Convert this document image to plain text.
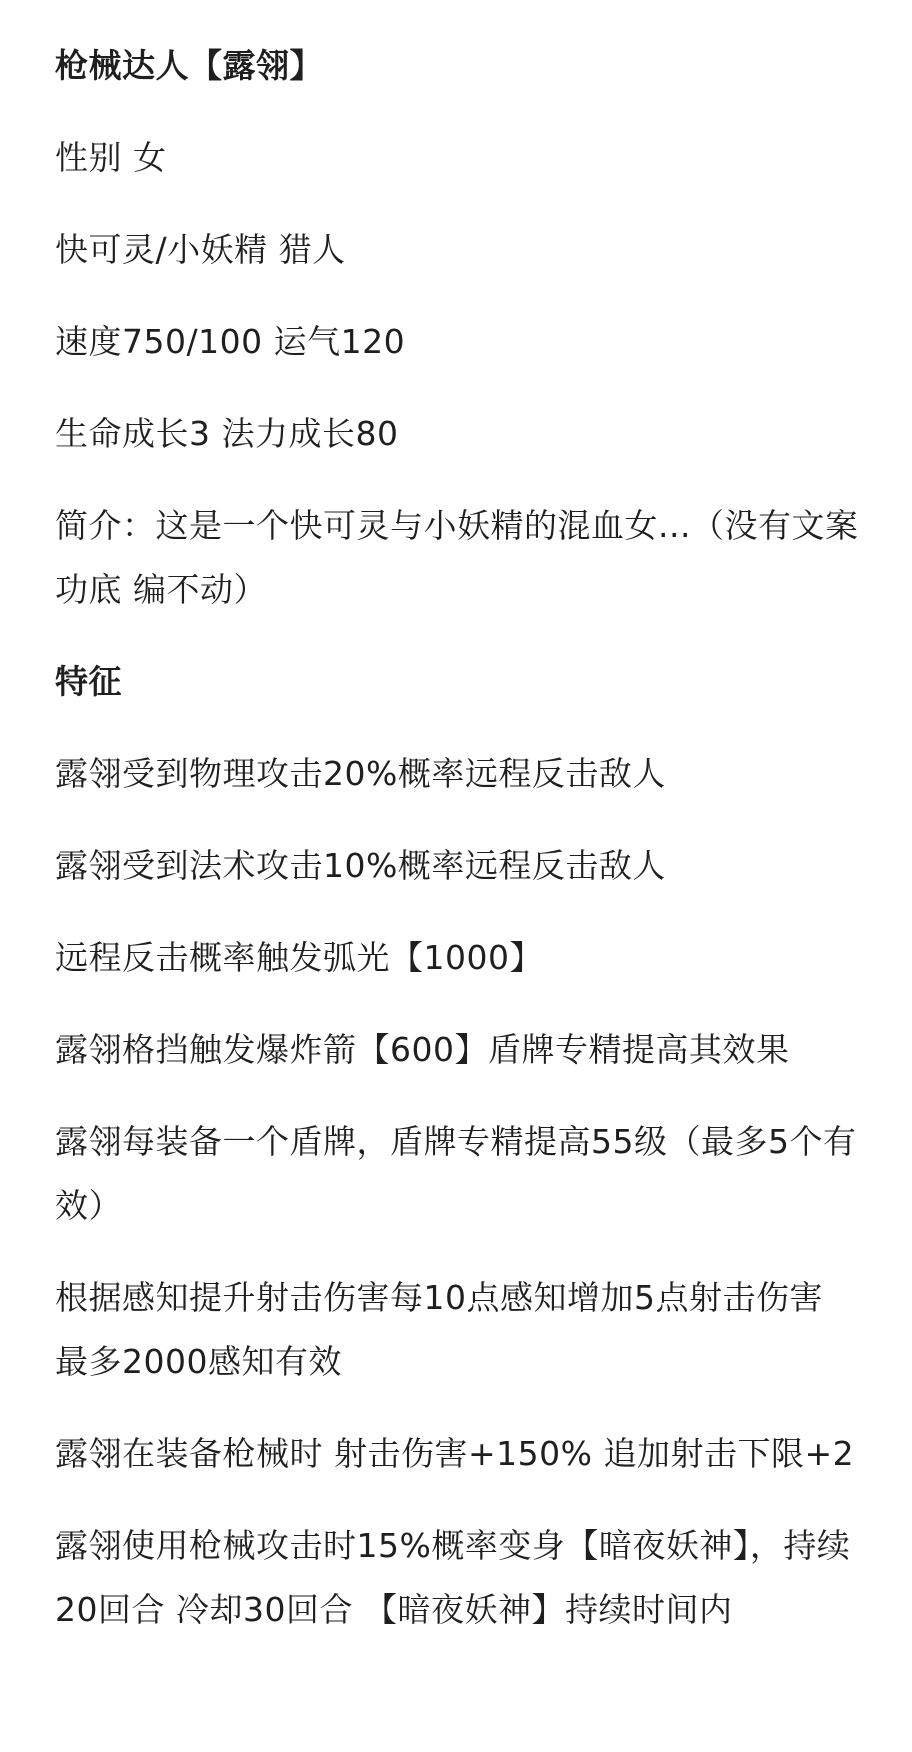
枪械达人【露翎】

性别 女

快可灵/小妖精 猎人

速度750/100 运气120

生命成长3 法力成长80

简介：这是一个快可灵与小妖精的混血女...（没有文案功底 编不动）

特征

露翎受到物理攻击20%概率远程反击敌人

露翎受到法术攻击10%概率远程反击敌人

远程反击概率触发弧光【1000】

露翎格挡触发爆炸箭【600】盾牌专精提高其效果

露翎每装备一个盾牌，盾牌专精提高55级（最多5个有效）

根据感知提升射击伤害每10点感知增加5点射击伤害 最多2000感知有效

露翎在装备枪械时 射击伤害+150% 追加射击下限+2

露翎使用枪械攻击时15%概率变身【暗夜妖神】，持续20回合 冷却30回合 【暗夜妖神】持续时间内
